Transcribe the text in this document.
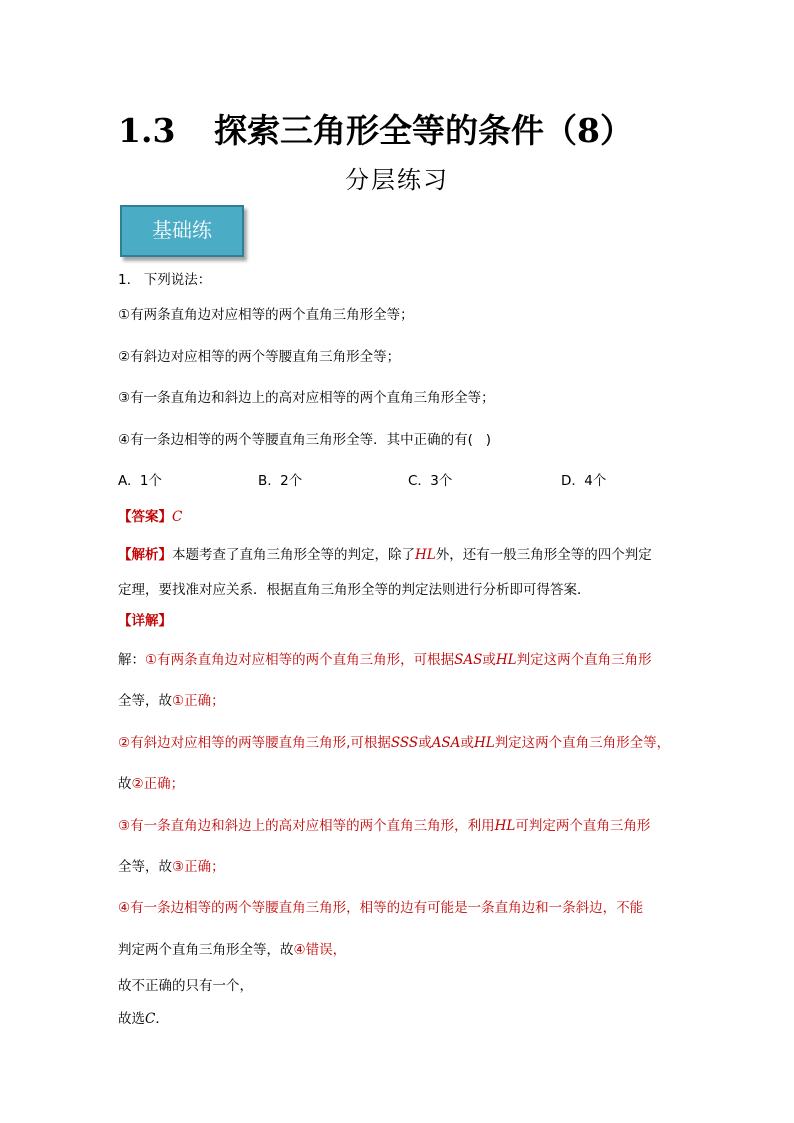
1.3 探索三角形全等的条件（8）
分层练习
基础练
1.   下列说法：
①有两条直角边对应相等的两个直角三角形全等；
②有斜边对应相等的两个等腰直角三角形全等；
③有一条直角边和斜边上的高对应相等的两个直角三角形全等；
④有一条边相等的两个等腰直角三角形全等．其中正确的有(   )
A.  1个	B.  2个	C.  3个	D.  4个
【答案】C
【解析】本题考查了直角三角形全等的判定，除了HL外，还有一般三角形全等的四个判定
定理，要找准对应关系．根据直角三角形全等的判定法则进行分析即可得答案．
【详解】
解：①有两条直角边对应相等的两个直角三角形，可根据SAS或HL判定这两个直角三角形
全等，故①正确；
②有斜边对应相等的两等腰直角三角形,可根据SSS或ASA或HL判定这两个直角三角形全等，
故②正确；
③有一条直角边和斜边上的高对应相等的两个直角三角形，利用HL可判定两个直角三角形
全等，故③正确；
④有一条边相等的两个等腰直角三角形，相等的边有可能是一条直角边和一条斜边，不能
判定两个直角三角形全等，故④错误，
故不正确的只有一个，
故选C．
